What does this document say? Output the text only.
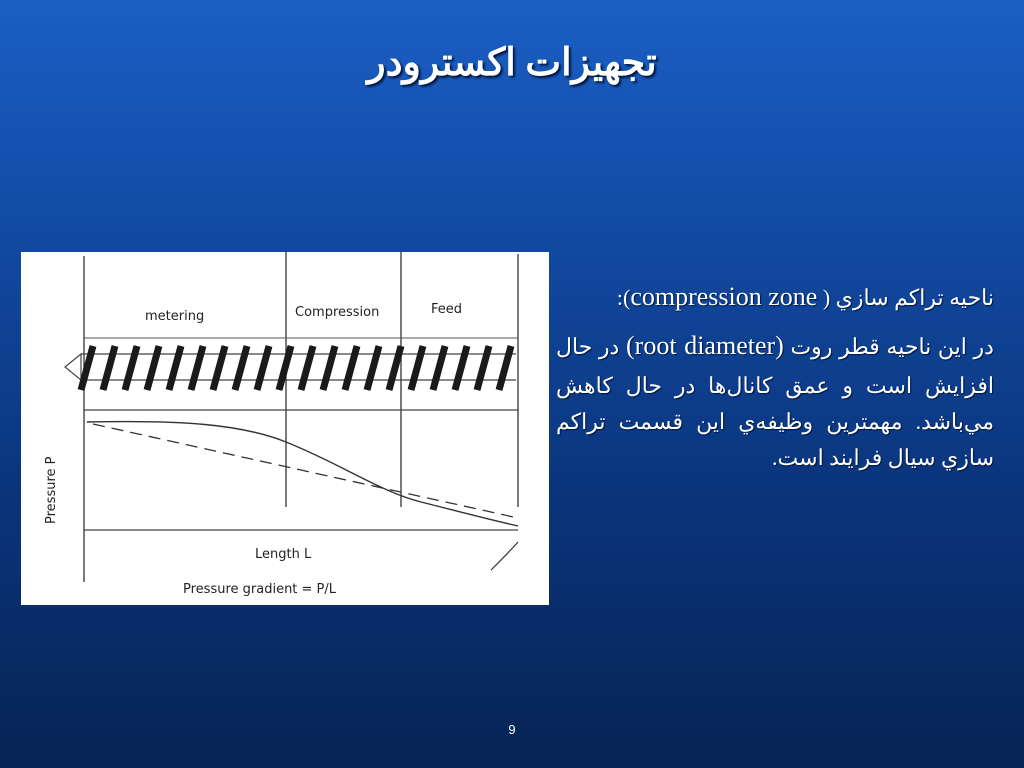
تجهيزات اكسترودر
metering	Compression	Feed
Pressure P
Length L
Pressure gradient = P/L

ناحيه تراكم سازي ( compression zone):

در اين ناحيه قطر روت (root diameter) در حال افزايش است و عمق کانال‌ها در حال کاهش مي‌باشد. مهمترين وظيفه‌ي اين قسمت تراکم سازي سيال فرايند است.

9
